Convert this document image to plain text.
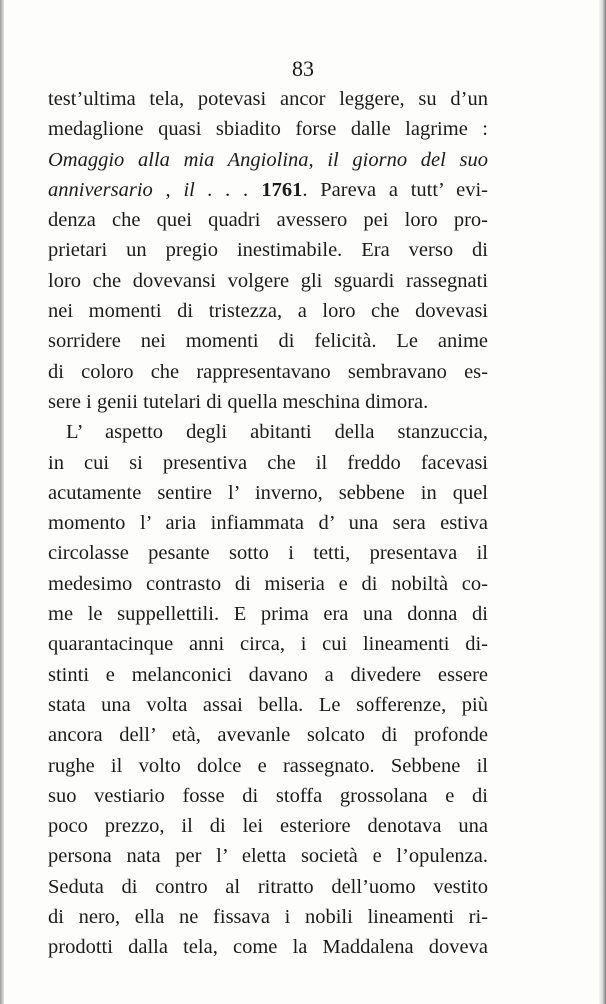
83
test’ultima tela, potevasi ancor leggere, su d’un
medaglione quasi sbiadito forse dalle lagrime :
Omaggio alla mia Angiolina, il giorno del suo
anniversario , il . . . 1761. Pareva a tutt’ evi-
denza che quei quadri avessero pei loro pro-
prietari un pregio inestimabile. Era verso di
loro che dovevansi volgere gli sguardi rassegnati
nei momenti di tristezza, a loro che dovevasi
sorridere nei momenti di felicità. Le anime
di coloro che rappresentavano sembravano es-
sere i genii tutelari di quella meschina dimora.
L’ aspetto degli abitanti della stanzuccia,
in cui si presentiva che il freddo facevasi
acutamente sentire l’ inverno, sebbene in quel
momento l’ aria infiammata d’ una sera estiva
circolasse pesante sotto i tetti, presentava il
medesimo contrasto di miseria e di nobiltà co-
me le suppellettili. E prima era una donna di
quarantacinque anni circa, i cui lineamenti di-
stinti e melanconici davano a divedere essere
stata una volta assai bella. Le sofferenze, più
ancora dell’ età, avevanle solcato di profonde
rughe il volto dolce e rassegnato. Sebbene il
suo vestiario fosse di stoffa grossolana e di
poco prezzo, il di lei esteriore denotava una
persona nata per l’ eletta società e l’opulenza.
Seduta di contro al ritratto dell’uomo vestito
di nero, ella ne fissava i nobili lineamenti ri-
prodotti dalla tela, come la Maddalena doveva
